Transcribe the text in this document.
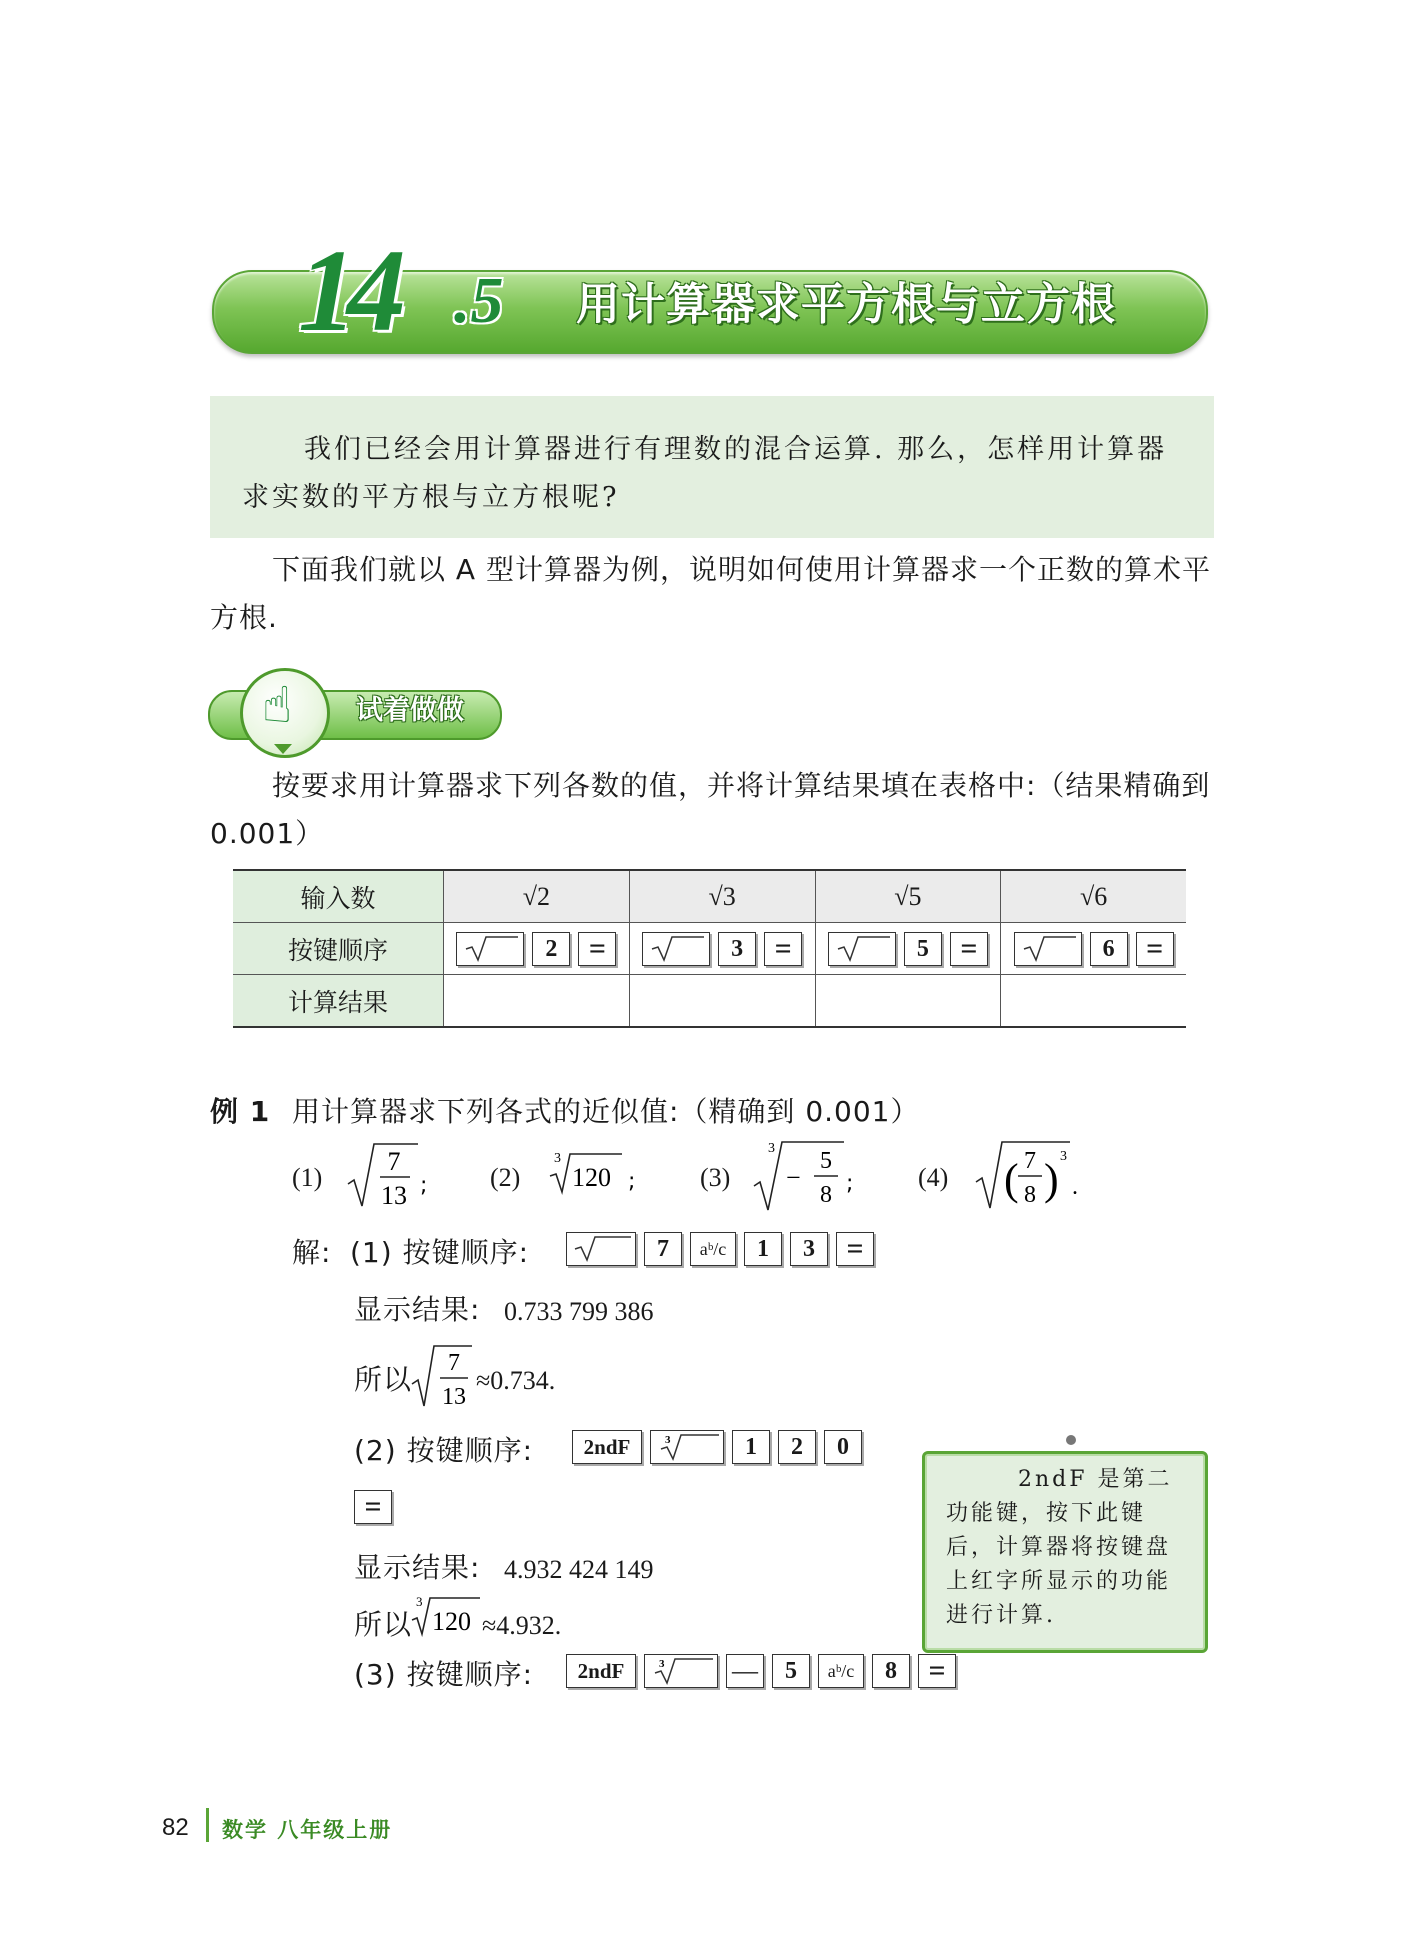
14 .5 用计算器求平方根与立方根
我们已经会用计算器进行有理数的混合运算. 那么，怎样用计算器求实数的平方根与立方根呢?
下面我们就以 A 型计算器为例，说明如何使用计算器求一个正数的算术平方根.
☝ 试着做做
按要求用计算器求下列各数的值，并将计算结果填在表格中:（结果精确到 0.001）
输入数	√2	√3	√5	√6
按键顺序	2 =	3 =	5 =	6 =
计算结果				
例 1 用计算器求下列各式的近似值:（精确到 0.001）
(1)
7
13 ; (2)
3
120 ; (3)
3
−
5
8 ; (4) ( 7
8 ) 3
.
解: (1) 按键顺序:	7 aᵇ/c 1 3 =
显示结果: 0.733 799 386
所以 7
13
≈0.734.
(2) 按键顺序:	2ndF	3	1 2 0
=
显示结果: 4.932 424 149
所以
3
120 ≈4.932.
(3) 按键顺序:	2ndF	3	— 5 aᵇ/c 8 =
2ndF 是第二功能键，按下此键后，计算器将按键盘上红字所显示的功能进行计算.
82 数学 八年级上册
